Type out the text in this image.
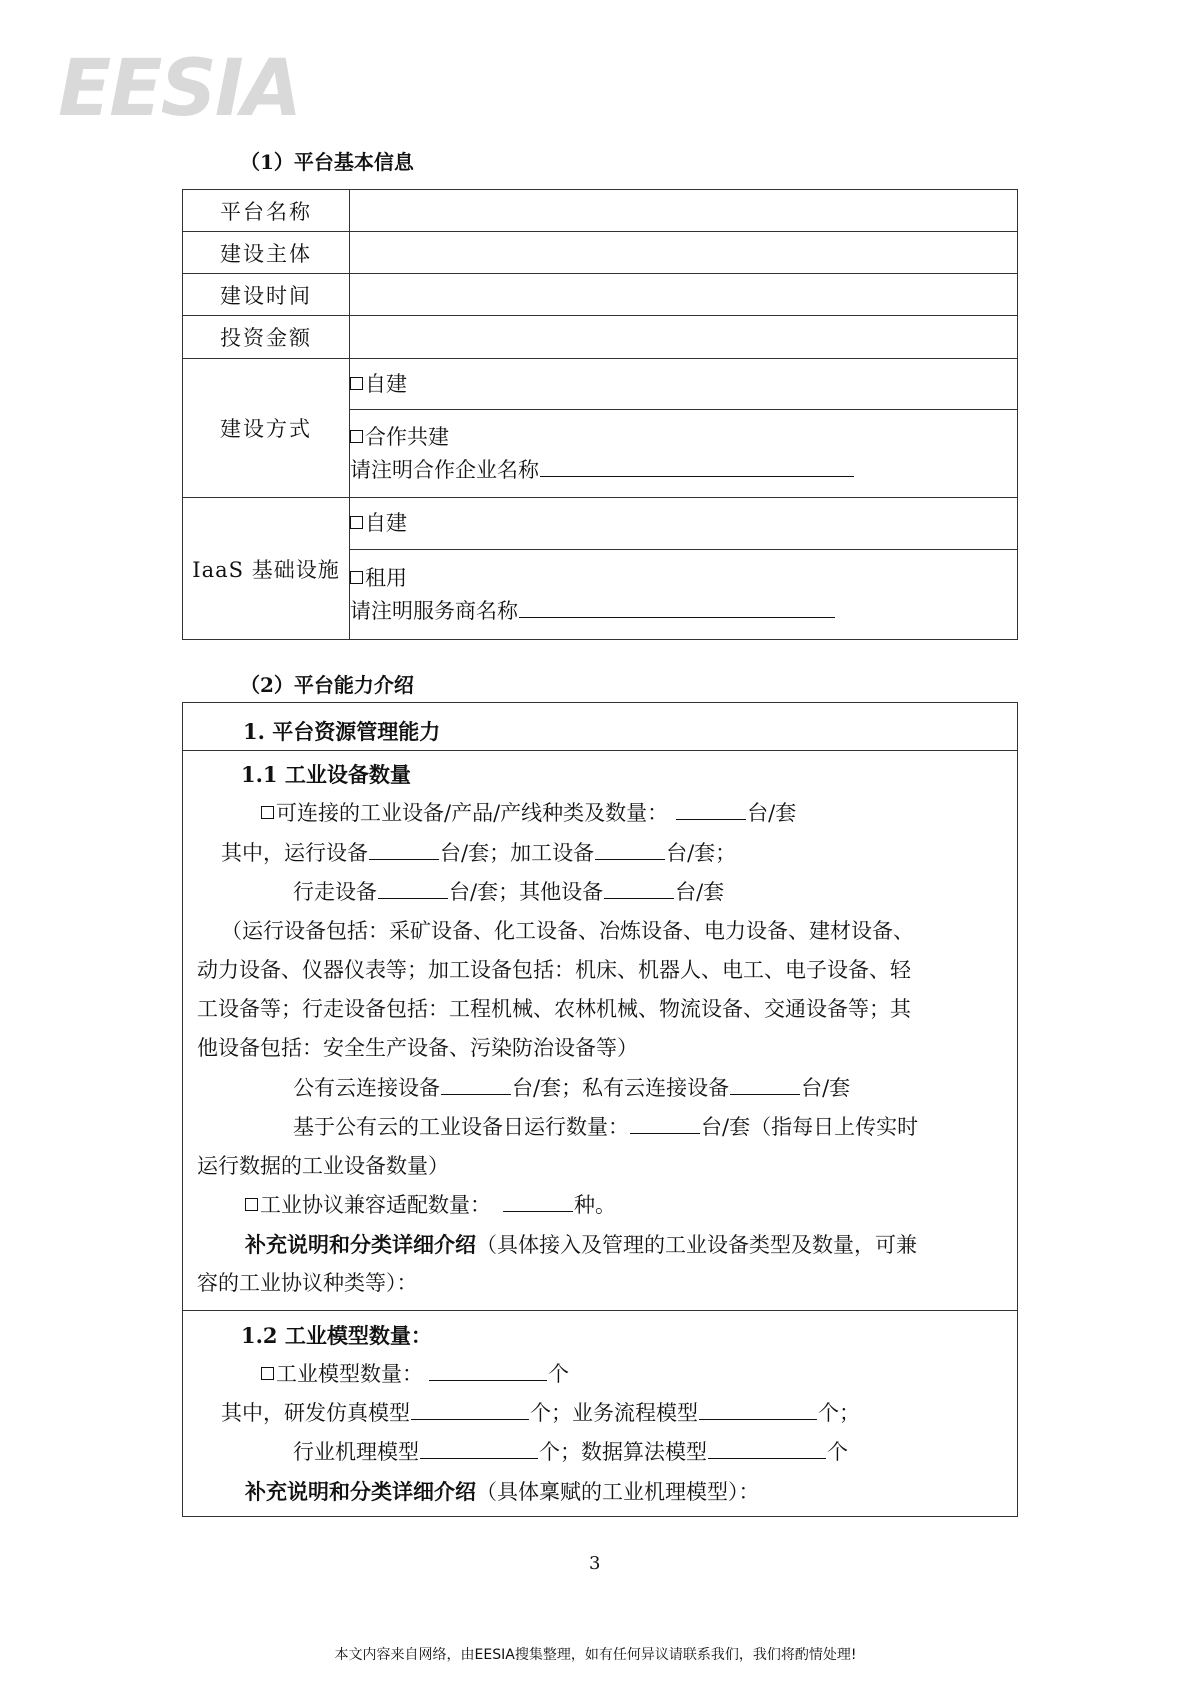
EESIA
（1）平台基本信息
平台名称	
建设主体	
建设时间	
投资金额	
建设方式	自建

	合作共建
请注明合作企业名称

IaaS 基础设施	自建

	租用
请注明服务商名称
（2）平台能力介绍
1. 平台资源管理能力
1.1 工业设备数量
可连接的工业设备/产品/产线种类及数量：	台/套
其中，运行设备	台/套；加工设备	台/套；
行走设备	台/套；其他设备	台/套
（运行设备包括：采矿设备、化工设备、冶炼设备、电力设备、建材设备、
动力设备、仪器仪表等；加工设备包括：机床、机器人、电工、电子设备、轻
工设备等；行走设备包括：工程机械、农林机械、物流设备、交通设备等；其
他设备包括：安全生产设备、污染防治设备等）
公有云连接设备	台/套；私有云连接设备	台/套
基于公有云的工业设备日运行数量：	台/套（指每日上传实时
运行数据的工业设备数量）
工业协议兼容适配数量：	种。
补充说明和分类详细介绍（具体接入及管理的工业设备类型及数量，可兼
容的工业协议种类等）：
1.2 工业模型数量：
工业模型数量：	个
其中，研发仿真模型	个；业务流程模型	个；
行业机理模型	个；数据算法模型	个
补充说明和分类详细介绍（具体稟赋的工业机理模型）：
3
本文内容来自网络，由EESIA搜集整理，如有任何异议请联系我们，我们将酌情处理!
